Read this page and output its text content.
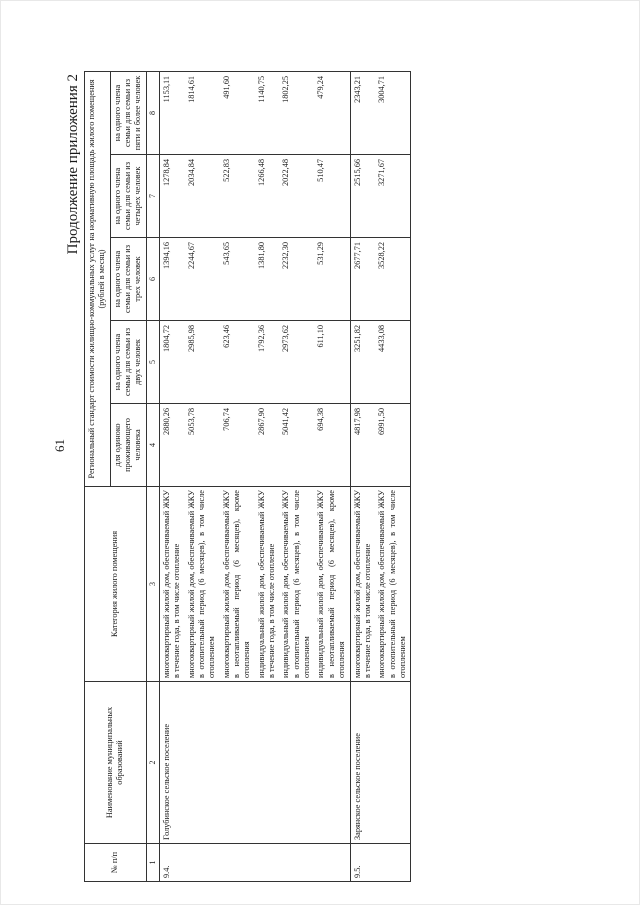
61
Продолжение приложения 2
№ п/п	Наименование муниципальных образований	Категория жилого помещения	Региональный стандарт стоимости жилищно-коммунальных услуг на нормативную площадь жилого помещения (рублей в месяц)				
			для одиноко проживающего человека	на одного члена семьи для семьи из двух человек	на одного члена семьи для семьи из трех человек	на одного члена семьи для семьи из четырех человек	на одного члена семьи для семьи из пяти и более человек
1	2	3	4	5	6	7	8
9.4.	Голубинское сельское поселение	многоквартирный жилой дом, обеспечиваемый ЖКУ в течение года, в том числе отопление	2880,26	1804,72	1394,16	1278,84	1153,11
		многоквартирный жилой дом, обеспечиваемый ЖКУ в отопительный период (6 месяцев), в том числе отоплением	5053,78	2985,98	2244,67	2034,84	1814,61
		многоквартирный жилой дом, обеспечиваемый ЖКУ в неотапливаемый период (6 месяцев), кроме отопления	706,74	623,46	543,65	522,83	491,60
		индивидуальный жилой дом, обеспечиваемый ЖКУ в течение года, в том числе отопление	2867,90	1792,36	1381,80	1266,48	1140,75
		индивидуальный жилой дом, обеспечиваемый ЖКУ в отопительный период (6 месяцев), в том числе отоплением	5041,42	2973,62	2232,30	2022,48	1802,25
		индивидуальный жилой дом, обеспечиваемый ЖКУ в неотапливаемый период (6 месяцев), кроме отопления	694,38	611,10	531,29	510,47	479,24
9.5.	Зарянское сельское поселение	многоквартирный жилой дом, обеспечиваемый ЖКУ в течение года, в том числе отопление	4817,98	3251,82	2677,71	2515,66	2343,21
		многоквартирный жилой дом, обеспечиваемый ЖКУ в отопительный период (6 месяцев), в том числе отоплением	6991,50	4433,08	3528,22	3271,67	3004,71
